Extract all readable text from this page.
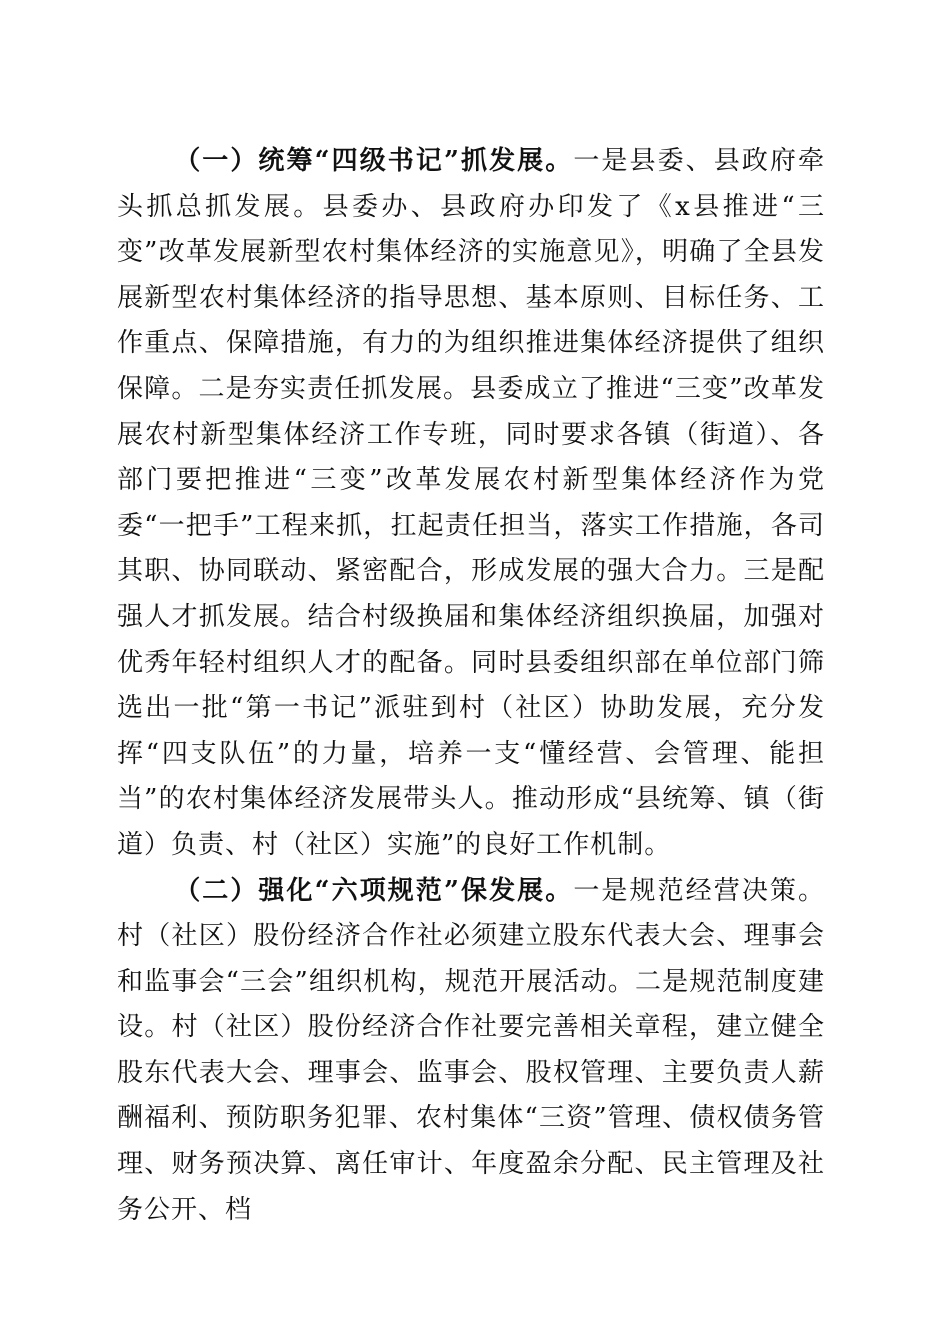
（一）统筹“四级书记”抓发展。一是县委、县政府牵头抓总抓发展。县委办、县政府办印发了《x县推进“三变”改革发展新型农村集体经济的实施意见》，明确了全县发展新型农村集体经济的指导思想、基本原则、目标任务、工作重点、保障措施，有力的为组织推进集体经济提供了组织保障。二是夯实责任抓发展。县委成立了推进“三变”改革发展农村新型集体经济工作专班，同时要求各镇（街道）、各部门要把推进“三变”改革发展农村新型集体经济作为党委“一把手”工程来抓，扛起责任担当，落实工作措施，各司其职、协同联动、紧密配合，形成发展的强大合力。三是配强人才抓发展。结合村级换届和集体经济组织换届，加强对优秀年轻村组织人才的配备。同时县委组织部在单位部门筛选出一批“第一书记”派驻到村（社区）协助发展，充分发挥“四支队伍”的力量，培养一支“懂经营、会管理、能担当”的农村集体经济发展带头人。推动形成“县统筹、镇（街道）负责、村（社区）实施”的良好工作机制。

（二）强化“六项规范”保发展。一是规范经营决策。村（社区）股份经济合作社必须建立股东代表大会、理事会和监事会“三会”组织机构，规范开展活动。二是规范制度建设。村（社区）股份经济合作社要完善相关章程，建立健全股东代表大会、理事会、监事会、股权管理、主要负责人薪酬福利、预防职务犯罪、农村集体“三资”管理、债权债务管理、财务预决算、离任审计、年度盈余分配、民主管理及社务公开、档
